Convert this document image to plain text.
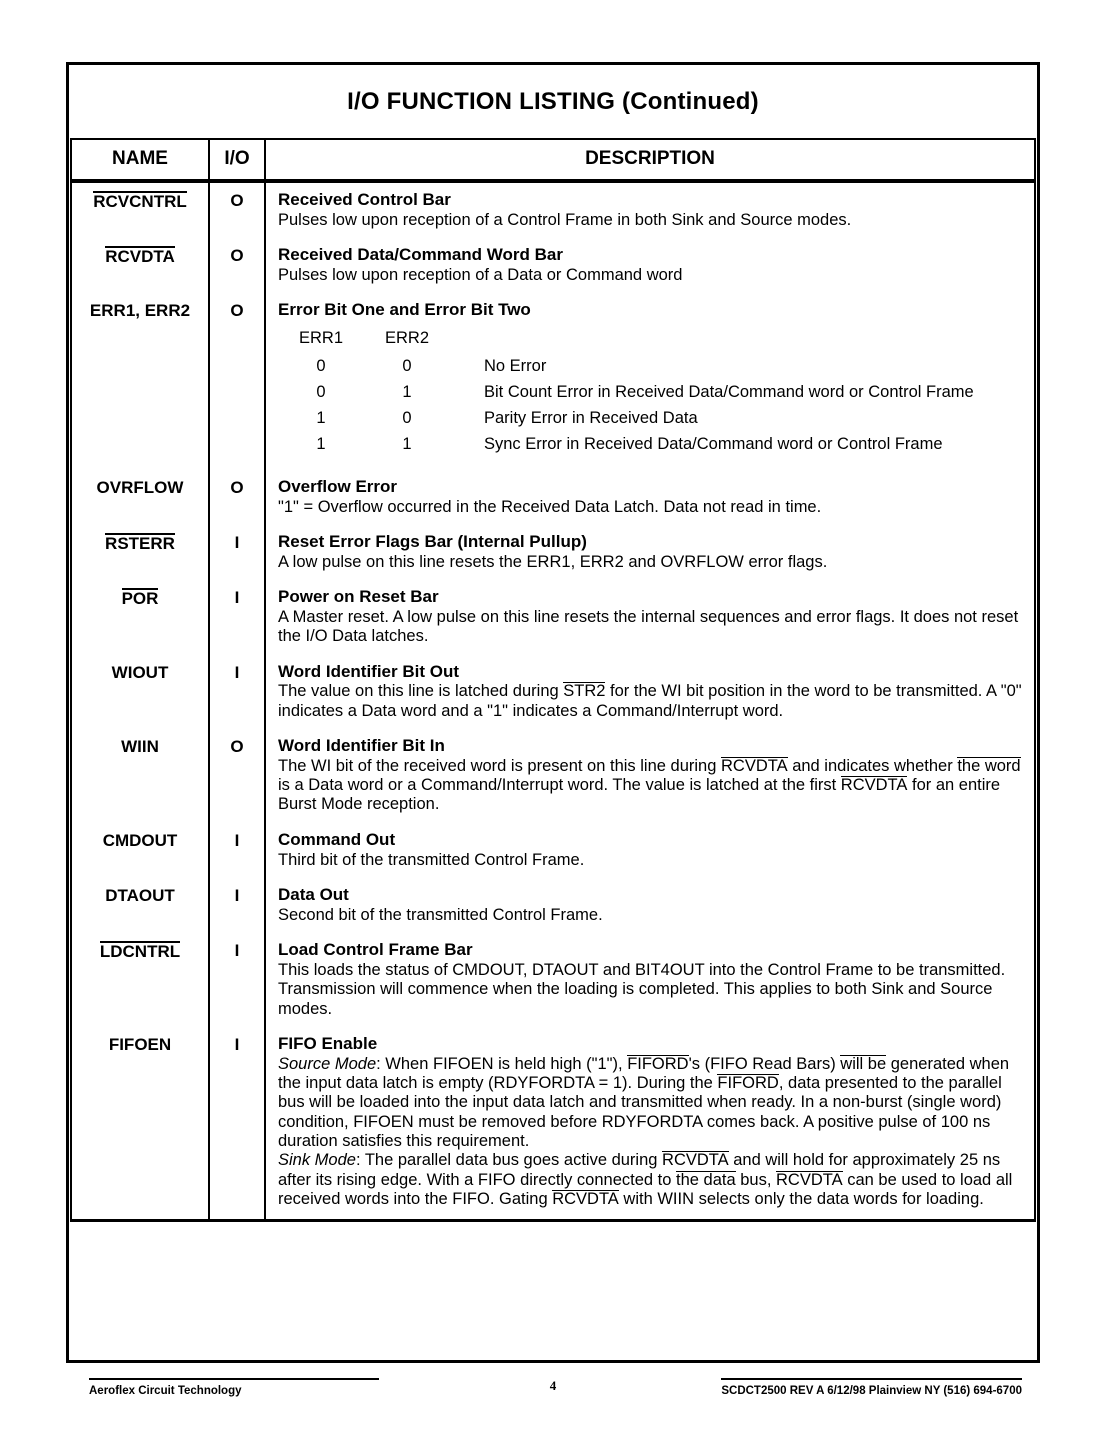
I/O FUNCTION LISTING (Continued)
NAME	I/O	DESCRIPTION
RCVCNTRL	O	Received Control Bar
Pulses low upon reception of a Control Frame in both Sink and Source modes.

RCVDTA	O	Received Data/Command Word Bar
Pulses low upon reception of a Data or Command word

ERR1, ERR2	O	Error Bit One and Error Bit Two
ERR1	ERR2	
0	0	No Error
0	1	Bit Count Error in Received Data/Command word or Control Frame
1	0	Parity Error in Received Data
1	1	Sync Error in Received Data/Command word or Control Frame

OVRFLOW	O	Overflow Error
"1" = Overflow occurred in the Received Data Latch. Data not read in time.

RSTERR	I	Reset Error Flags Bar (Internal Pullup)
A low pulse on this line resets the ERR1, ERR2 and OVRFLOW error flags.

POR	I	Power on Reset Bar
A Master reset. A low pulse on this line resets the internal sequences and error flags. It does not reset the I/O Data latches.

WIOUT	I	Word Identifier Bit Out
The value on this line is latched during STR2 for the WI bit position in the word to be transmitted. A "0" indicates a Data word and a "1" indicates a Command/Interrupt word.

WIIN	O	Word Identifier Bit In
The WI bit of the received word is present on this line during RCVDTA and indicates whether the word is a Data word or a Command/Interrupt word. The value is latched at the first RCVDTA for an entire Burst Mode reception.

CMDOUT	I	Command Out
Third bit of the transmitted Control Frame.

DTAOUT	I	Data Out
Second bit of the transmitted Control Frame.

LDCNTRL	I	Load Control Frame Bar
This loads the status of CMDOUT, DTAOUT and BIT4OUT into the Control Frame to be transmitted. Transmission will commence when the loading is completed. This applies to both Sink and Source modes.

FIFOEN	I	FIFO Enable
Source Mode: When FIFOEN is held high ("1"), FIFORD's (FIFO Read Bars) will be generated when the input data latch is empty (RDYFORDTA = 1). During the FIFORD, data presented to the parallel bus will be loaded into the input data latch and transmitted when ready. In a non-burst (single word) condition, FIFOEN must be removed before RDYFORDTA comes back. A positive pulse of 100 ns duration satisfies this requirement.
Sink Mode: The parallel data bus goes active during RCVDTA and will hold for approximately 25 ns after its rising edge. With a FIFO directly connected to the data bus, RCVDTA can be used to load all received words into the FIFO. Gating RCVDTA with WIIN selects only the data words for loading.
Aeroflex Circuit Technology	4	SCDCT2500 REV A 6/12/98 Plainview NY (516) 694-6700
